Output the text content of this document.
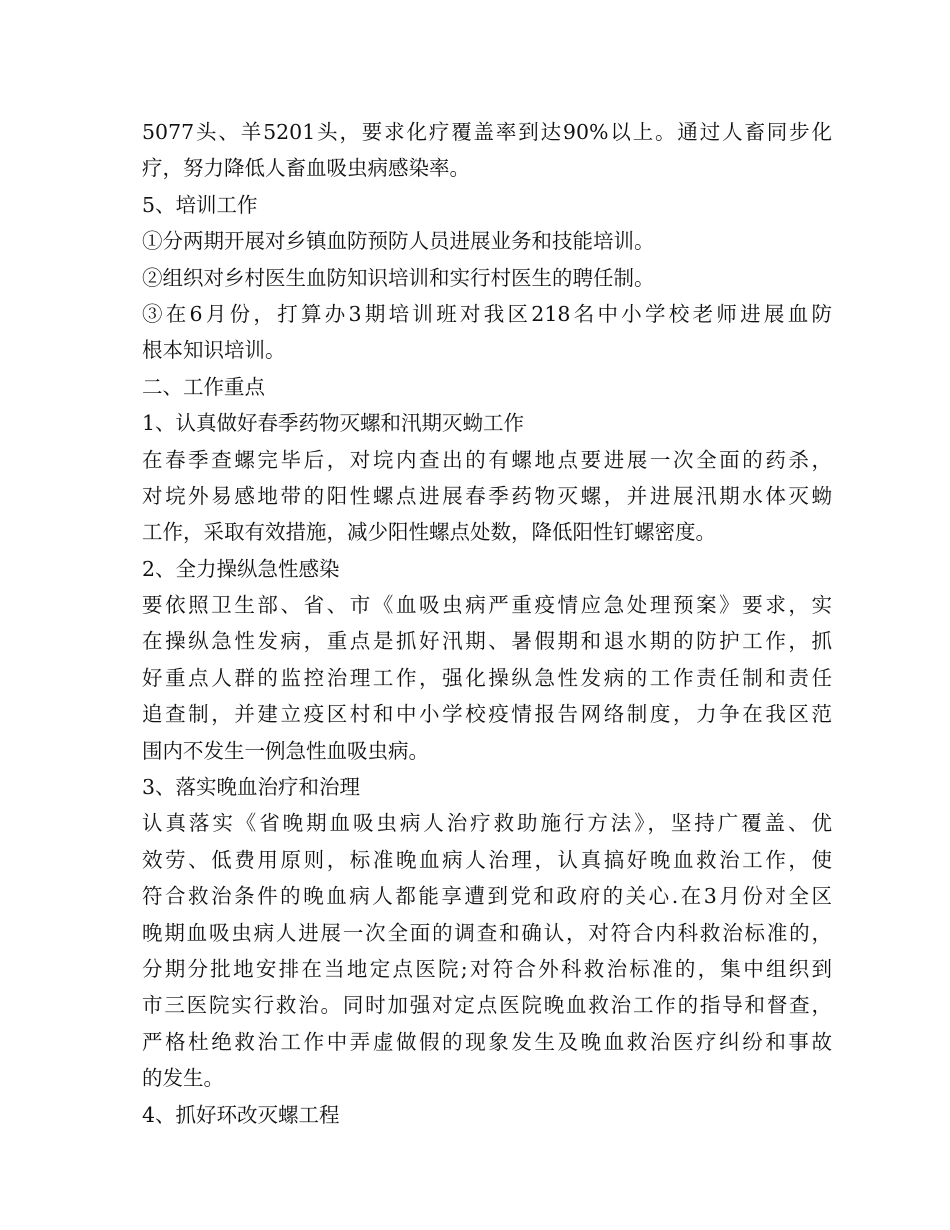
5077头、羊5201头，要求化疗覆盖率到达90%以上。通过人畜同步化
疗，努力降低人畜血吸虫病感染率。
5、培训工作
①分两期开展对乡镇血防预防人员进展业务和技能培训。
②组织对乡村医生血防知识培训和实行村医生的聘任制。
③在6月份，打算办3期培训班对我区218名中小学校老师进展血防
根本知识培训。
二、工作重点
1、认真做好春季药物灭螺和汛期灭蚴工作
在春季查螺完毕后，对垸内查出的有螺地点要进展一次全面的药杀，
对垸外易感地带的阳性螺点进展春季药物灭螺，并进展汛期水体灭蚴
工作，采取有效措施，减少阳性螺点处数，降低阳性钉螺密度。
2、全力操纵急性感染
要依照卫生部、省、市《血吸虫病严重疫情应急处理预案》要求，实
在操纵急性发病，重点是抓好汛期、暑假期和退水期的防护工作，抓
好重点人群的监控治理工作，强化操纵急性发病的工作责任制和责任
追查制，并建立疫区村和中小学校疫情报告网络制度，力争在我区范
围内不发生一例急性血吸虫病。
3、落实晚血治疗和治理
认真落实《省晚期血吸虫病人治疗救助施行方法》，坚持广覆盖、优
效劳、低费用原则，标准晚血病人治理，认真搞好晚血救治工作，使
符合救治条件的晚血病人都能享遭到党和政府的关心.在3月份对全区
晚期血吸虫病人进展一次全面的调查和确认，对符合内科救治标准的，
分期分批地安排在当地定点医院;对符合外科救治标准的，集中组织到
市三医院实行救治。同时加强对定点医院晚血救治工作的指导和督查，
严格杜绝救治工作中弄虚做假的现象发生及晚血救治医疗纠纷和事故
的发生。
4、抓好环改灭螺工程
